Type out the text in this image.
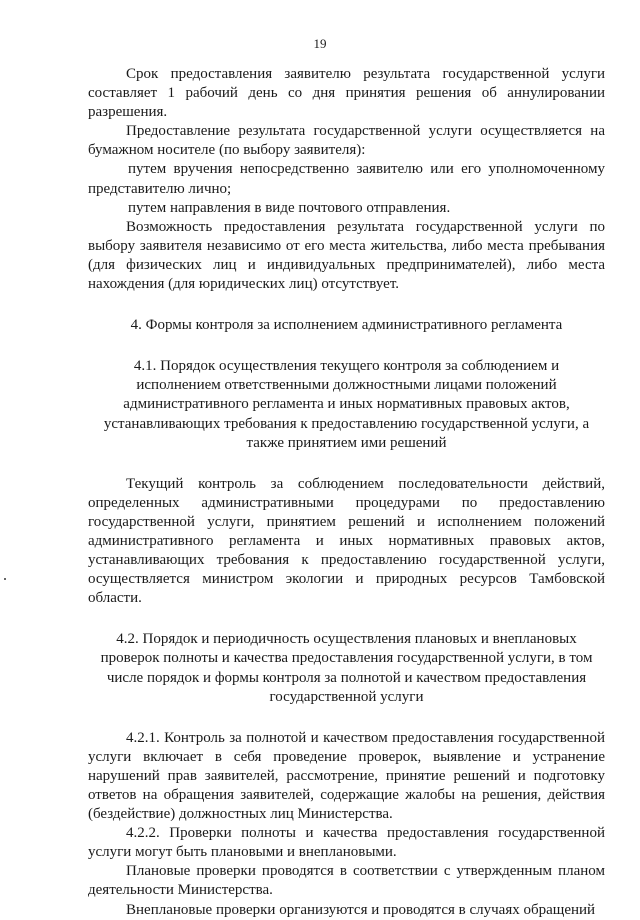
19

Срок предоставления заявителю результата государственной услуги составляет 1 рабочий день со дня принятия решения об аннулировании разрешения.

Предоставление результата государственной услуги осуществляется на бумажном носителе (по выбору заявителя):

путем вручения непосредственно заявителю или его уполномоченному представителю лично;

путем направления в виде почтового отправления.

Возможность предоставления результата государственной услуги по выбору заявителя независимо от его места жительства, либо места пребывания (для физических лиц и индивидуальных предпринимателей), либо места нахождения (для юридических лиц) отсутствует.

4. Формы контроля за исполнением административного регламента

4.1. Порядок осуществления текущего контроля за соблюдением и исполнением ответственными должностными лицами положений административного регламента и иных нормативных правовых актов, устанавливающих требования к предоставлению государственной услуги, а также принятием ими решений

Текущий контроль за соблюдением последовательности действий, определенных административными процедурами по предоставлению государственной услуги, принятием решений и исполнением положений административного регламента и иных нормативных правовых актов, устанавливающих требования к предоставлению государственной услуги, осуществляется министром экологии и природных ресурсов Тамбовской области.

4.2. Порядок и периодичность осуществления плановых и внеплановых проверок полноты и качества предоставления государственной услуги, в том числе порядок и формы контроля за полнотой и качеством предоставления государственной услуги

4.2.1. Контроль за полнотой и качеством предоставления государственной услуги включает в себя проведение проверок, выявление и устранение нарушений прав заявителей, рассмотрение, принятие решений и подготовку ответов на обращения заявителей, содержащие жалобы на решения, действия (бездействие) должностных лиц Министерства.

4.2.2. Проверки полноты и качества предоставления государственной услуги могут быть плановыми и внеплановыми.

Плановые проверки проводятся в соответствии с утвержденным планом деятельности Министерства.

Внеплановые проверки организуются и проводятся в случаях обращений
